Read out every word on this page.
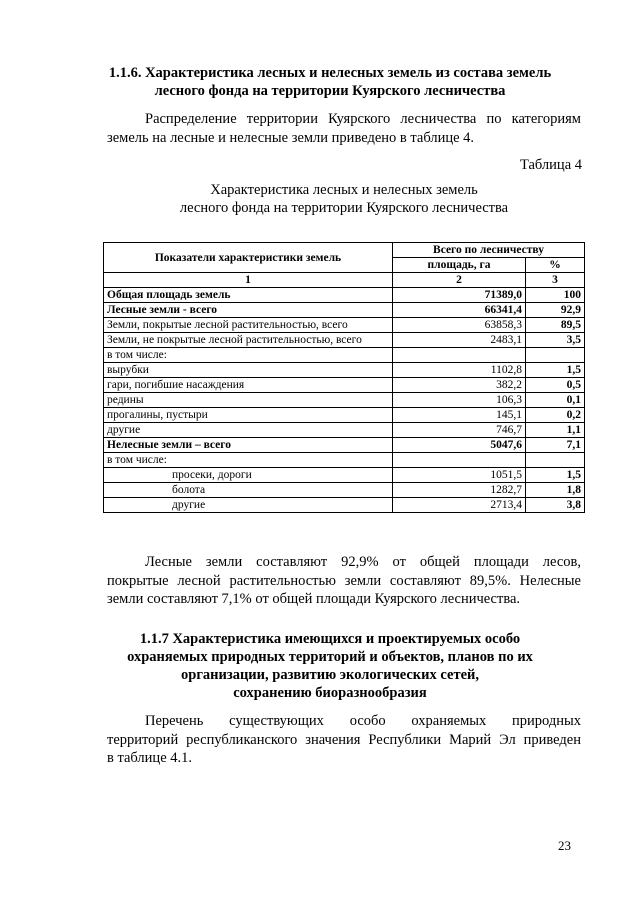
1.1.6. Характеристика лесных и нелесных земель из состава земель
лесного фонда на территории Куярского лесничества
Распределение территории Куярского лесничества по категориям
земель на лесные и нелесные земли приведено в таблице 4.
Таблица 4
Характеристика лесных и нелесных земель
лесного фонда на территории Куярского лесничества
Показатели характеристики земель	Всего по лесничеству	
	площадь, га	%
1	2	3
Общая площадь земель	71389,0	100
Лесные земли - всего	66341,4	92,9
Земли, покрытые лесной растительностью, всего	63858,3	89,5
Земли, не покрытые лесной растительностью, всего	2483,1	3,5
в том числе:		
вырубки	1102,8	1,5
гари, погибшие насаждения	382,2	0,5
редины	106,3	0,1
прогалины, пустыри	145,1	0,2
другие	746,7	1,1
Нелесные земли – всего	5047,6	7,1
в том числе:		
просеки, дороги	1051,5	1,5
болота	1282,7	1,8
другие	2713,4	3,8
Лесные земли составляют 92,9% от общей площади лесов,
покрытые лесной растительностью земли составляют 89,5%. Нелесные
земли составляют 7,1% от общей площади Куярского лесничества.
1.1.7 Характеристика имеющихся и проектируемых особо
охраняемых природных территорий и объектов, планов по их
организации, развитию экологических сетей,
сохранению биоразнообразия
Перечень существующих особо охраняемых природных
территорий республиканского значения Республики Марий Эл приведен
в таблице 4.1.
23
